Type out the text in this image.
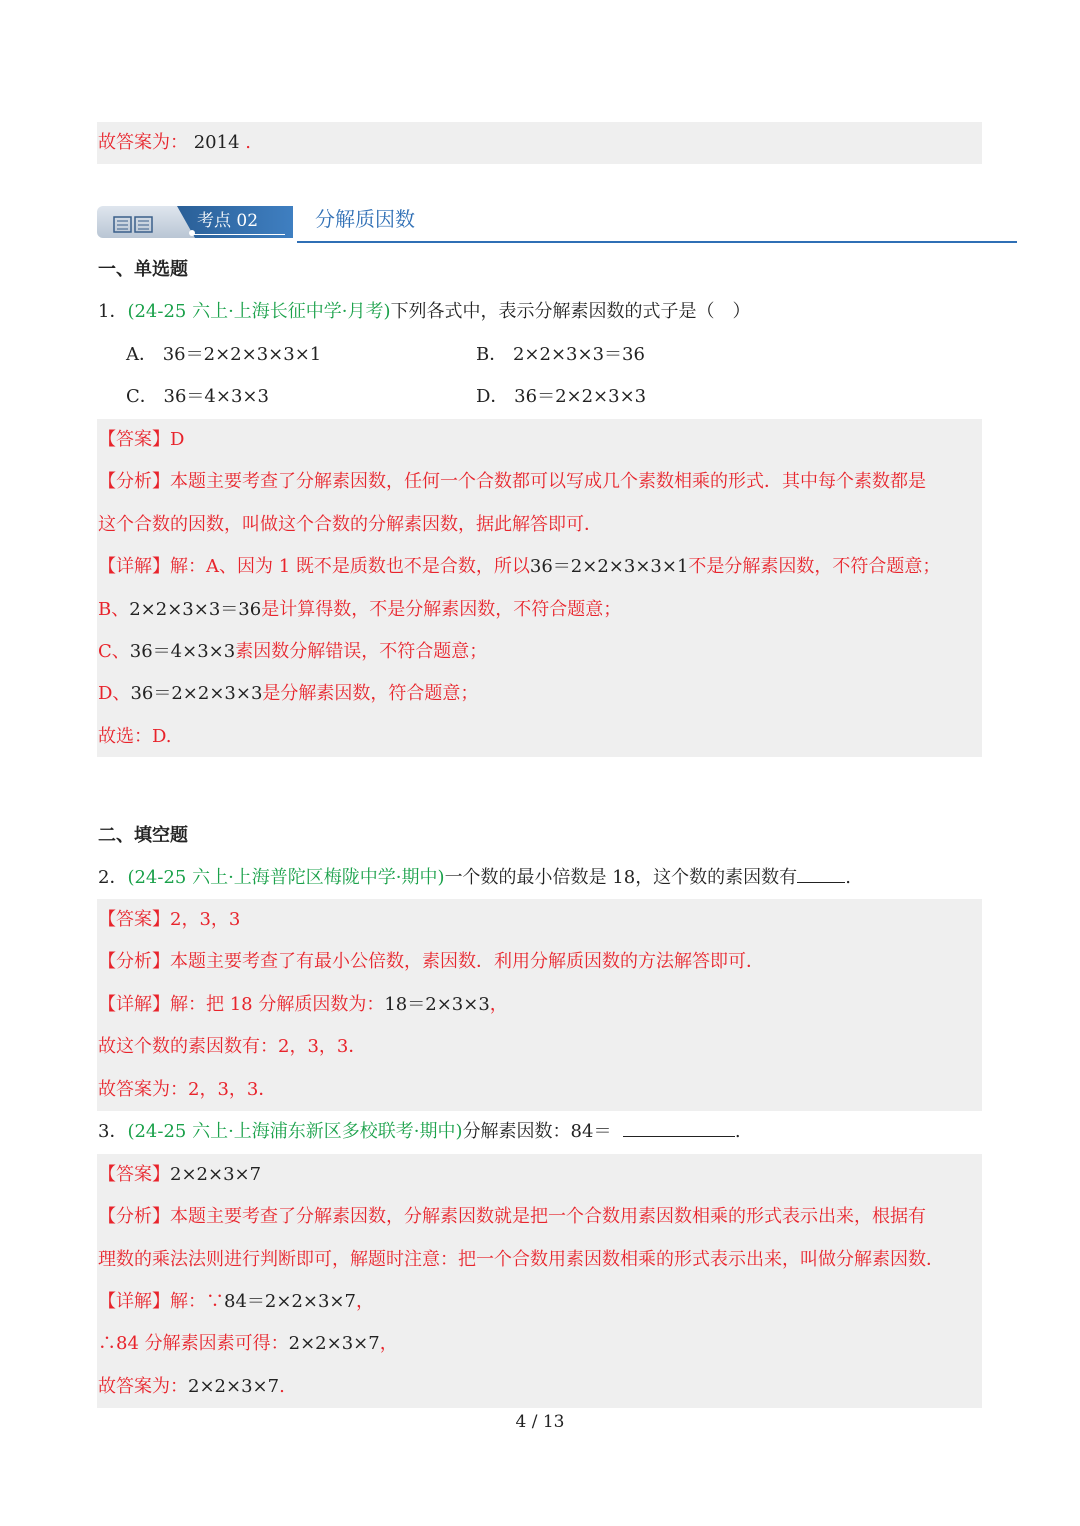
故答案为： 2014 .
考点 02	分解质因数
一、单选题
1．(24-25 六上·上海长征中学·月考)下列各式中，表示分解素因数的式子是（　）
A． 36＝2×2×3×3×1	B． 2×2×3×3＝36
C． 36＝4×3×3	D． 36＝2×2×3×3
【答案】D
【分析】本题主要考查了分解素因数，任何一个合数都可以写成几个素数相乘的形式．其中每个素数都是
这个合数的因数，叫做这个合数的分解素因数，据此解答即可．
【详解】解：A、因为 1 既不是质数也不是合数，所以36＝2×2×3×3×1不是分解素因数，不符合题意；
B、2×2×3×3＝36是计算得数，不是分解素因数，不符合题意；
C、36＝4×3×3素因数分解错误，不符合题意；
D、36＝2×2×3×3是分解素因数，符合题意；
故选：D.
二、填空题
2．(24-25 六上·上海普陀区梅陇中学·期中)一个数的最小倍数是 18，这个数的素因数有	.
【答案】2，3，3
【分析】本题主要考查了有最小公倍数，素因数．利用分解质因数的方法解答即可．
【详解】解：把 18 分解质因数为：18＝2×3×3，
故这个数的素因数有：2，3，3．
故答案为：2，3，3．
3．(24-25 六上·上海浦东新区多校联考·期中)分解素因数：84＝	.
【答案】2×2×3×7
【分析】本题主要考查了分解素因数，分解素因数就是把一个合数用素因数相乘的形式表示出来，根据有
理数的乘法法则进行判断即可，解题时注意：把一个合数用素因数相乘的形式表示出来，叫做分解素因数．
【详解】解：∵84＝2×2×3×7，
∴84 分解素因素可得：2×2×3×7，
故答案为：2×2×3×7.
4 / 13
